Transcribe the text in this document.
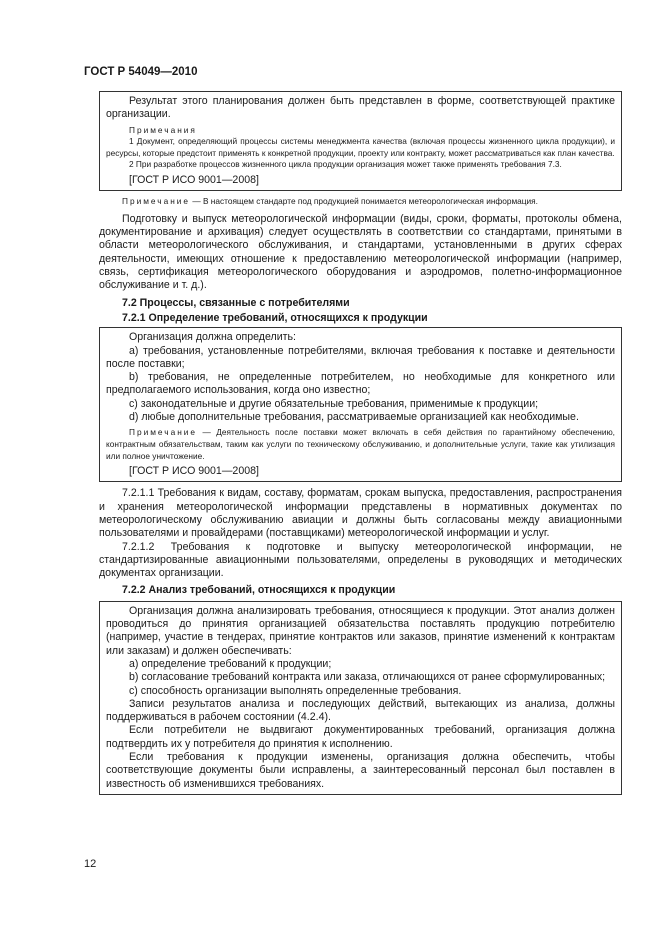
ГОСТ Р 54049—2010

Результат этого планирования должен быть представлен в форме, соответствующей практике организации.

Примечания

1 Документ, определяющий процессы системы менеджмента качества (включая процессы жизненного цикла продукции), и ресурсы, которые предстоит применять к конкретной продукции, проекту или контракту, может рассматриваться как план качества.

2 При разработке процессов жизненного цикла продукции организация может также применять требования 7.3.

[ГОСТ Р ИСО 9001—2008]

Примечание — В настоящем стандарте под продукцией понимается метеорологическая информация.

Подготовку и выпуск метеорологической информации (виды, сроки, форматы, протоколы обмена, документирование и архивация) следует осуществлять в соответствии со стандартами, принятыми в области метеорологического обслуживания, и стандартами, установленными в других сферах деятельности, имеющих отношение к предоставлению метеорологической информации (например, связь, сертификация метеорологического оборудования и аэродромов, полетно-информационное обслуживание и т. д.).

7.2 Процессы, связанные с потребителями

7.2.1 Определение требований, относящихся к продукции

Организация должна определить:

а) требования, установленные потребителями, включая требования к поставке и деятельности после поставки;

b) требования, не определенные потребителем, но необходимые для конкретного или предполагаемого использования, когда оно известно;

c) законодательные и другие обязательные требования, применимые к продукции;

d) любые дополнительные требования, рассматриваемые организацией как необходимые.

Примечание — Деятельность после поставки может включать в себя действия по гарантийному обеспечению, контрактным обязательствам, таким как услуги по техническому обслуживанию, и дополнительные услуги, такие как утилизация или полное уничтожение.

[ГОСТ Р ИСО 9001—2008]

7.2.1.1 Требования к видам, составу, форматам, срокам выпуска, предоставления, распространения и хранения метеорологической информации представлены в нормативных документах по метеорологическому обслуживанию авиации и должны быть согласованы между авиационными пользователями и провайдерами (поставщиками) метеорологической информации и услуг.

7.2.1.2 Требования к подготовке и выпуску метеорологической информации, не стандартизированные авиационными пользователями, определены в руководящих и методических документах организации.

7.2.2 Анализ требований, относящихся к продукции

Организация должна анализировать требования, относящиеся к продукции. Этот анализ должен проводиться до принятия организацией обязательства поставлять продукцию потребителю (например, участие в тендерах, принятие контрактов или заказов, принятие изменений к контрактам или заказам) и должен обеспечивать:

а) определение требований к продукции;

b) согласование требований контракта или заказа, отличающихся от ранее сформулированных;

c) способность организации выполнять определенные требования.

Записи результатов анализа и последующих действий, вытекающих из анализа, должны поддерживаться в рабочем состоянии (4.2.4).

Если потребители не выдвигают документированных требований, организация должна подтвердить их у потребителя до принятия к исполнению.

Если требования к продукции изменены, организация должна обеспечить, чтобы соответствующие документы были исправлены, а заинтересованный персонал был поставлен в известность об изменившихся требованиях.

12
